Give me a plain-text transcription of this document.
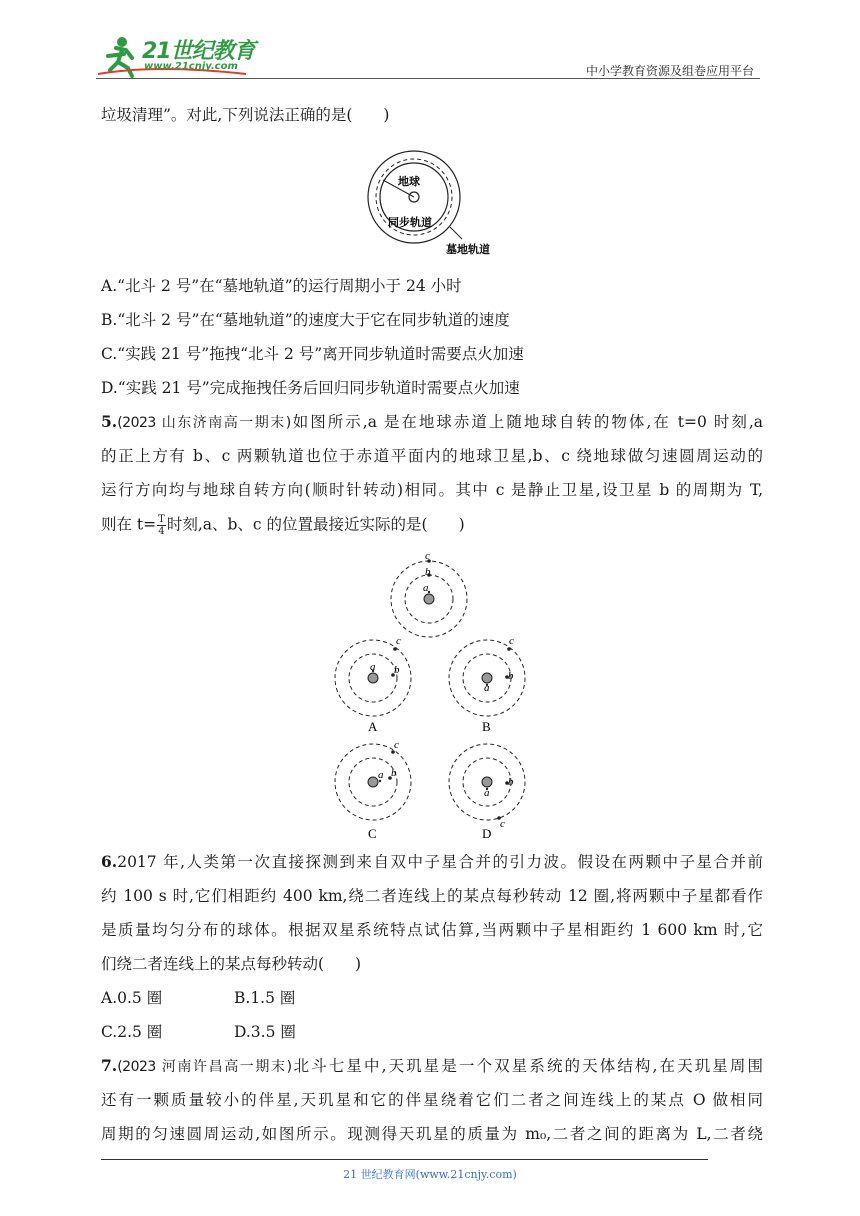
21世纪教育
www.21cnjy.com	中小学教育资源及组卷应用平台
垃圾清理”。对此,下列说法正确的是(　　)
地球
同步轨道
墓地轨道
A.“北斗 2 号”在“墓地轨道”的运行周期小于 24 小时
B.“北斗 2 号”在“墓地轨道”的速度大于它在同步轨道的速度
C.“实践 21 号”拖拽“北斗 2 号”离开同步轨道时需要点火加速
D.“实践 21 号”完成拖拽任务后回归同步轨道时需要点火加速
5.(2023 山东济南高一期末)如图所示,a 是在地球赤道上随地球自转的物体,在 t=0 时刻,a
的正上方有 b、c 两颗轨道也位于赤道平面内的地球卫星,b、c 绕地球做匀速圆周运动的
运行方向均与地球自转方向(顺时针转动)相同。其中 c 是静止卫星,设卫星 b 的周期为 T,
则在 $t= \frac{T}{4}$ 时刻,a、b、c 的位置最接近实际的是(　　)
c
b
a
c
b
a
A
c
b
a
B
c
b
a
C
c
b
a
D
6.2017 年,人类第一次直接探测到来自双中子星合并的引力波。假设在两颗中子星合并前
约 100 s 时,它们相距约 400 km,绕二者连线上的某点每秒转动 12 圈,将两颗中子星都看作
是质量均匀分布的球体。根据双星系统特点试估算,当两颗中子星相距约 1 600 km 时,它
们绕二者连线上的某点每秒转动(　　)
A.0.5 圈	B.1.5 圈
C.2.5 圈	D.3.5 圈
7.(2023 河南许昌高一期末)北斗七星中,天玑星是一个双星系统的天体结构,在天玑星周围
还有一颗质量较小的伴星,天玑星和它的伴星绕着它们二者之间连线上的某点 O 做相同
周期的匀速圆周运动,如图所示。现测得天玑星的质量为 m₀,二者之间的距离为 L,二者绕
21 世纪教育网(www.21cnjy.com)
